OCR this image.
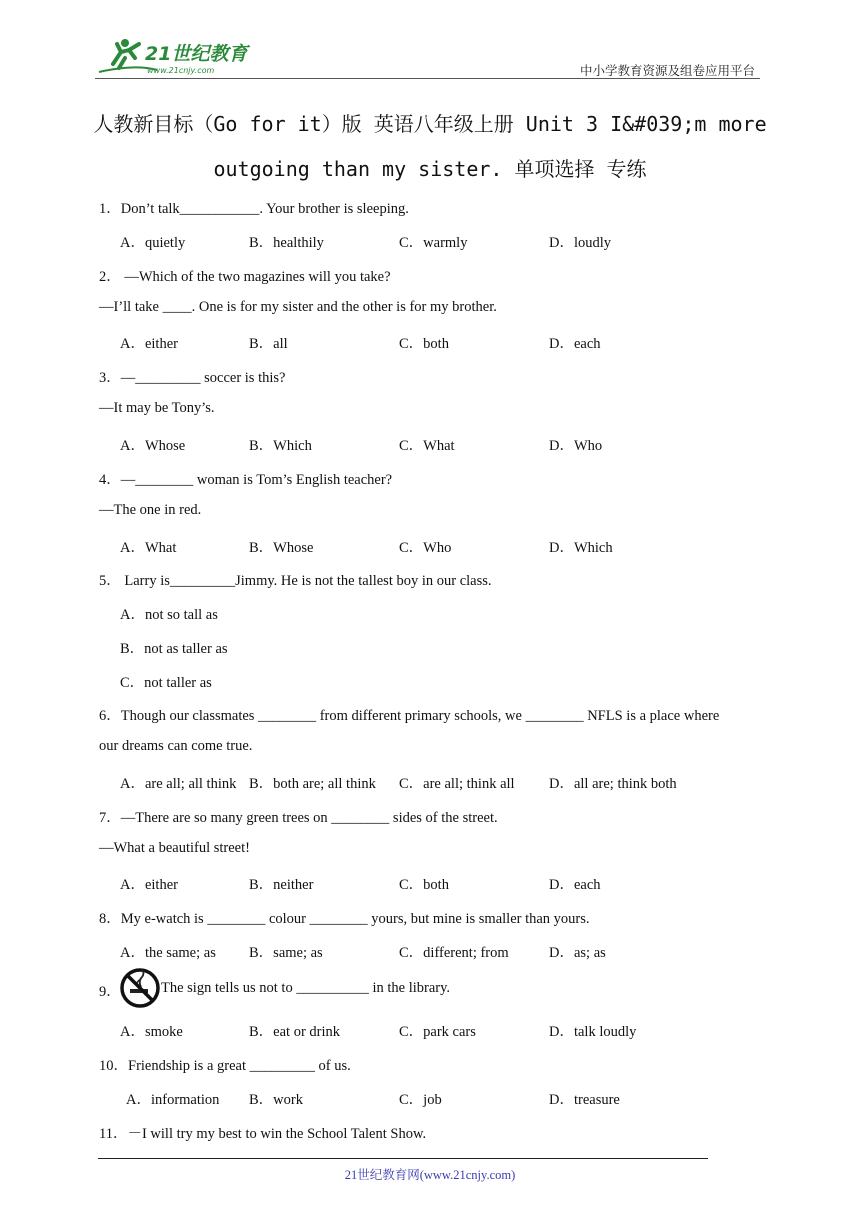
21世纪教育
www.21cnjy.com	中小学教育资源及组卷应用平台
人教新目标（Go for it）版 英语八年级上册 Unit 3 I&#039;m more
outgoing than my sister. 单项选择 专练
1．Don’t talk___________. Your brother is sleeping.
A．quietly	B．healthily	C．warmly	D．loudly
2． —Which of the two magazines will you take?
—I’ll take ____. One is for my sister and the other is for my brother.
A．either	B．all	C．both	D．each
3．—_________ soccer is this?
—It may be Tony’s.
A．Whose	B．Which	C．What	D．Who
4．—________ woman is Tom’s English teacher?
—The one in red.
A．What	B．Whose	C．Who	D．Which
5． Larry is_________Jimmy. He is not the tallest boy in our class.
A．not so tall as
B．not as taller as
C．not taller as
6．Though our classmates ________ from different primary schools, we ________ NFLS is a place where
our dreams can come true.
A．are all; all think B．both are; all think C．are all; think all D．all are; think both
7．—There are so many green trees on ________ sides of the street.
—What a beautiful street!
A．either	B．neither	C．both	D．each
8．My e-watch is ________ colour ________ yours, but mine is smaller than yours.
A．the same; as B．same; as	C．different; from	D．as; as
9．	The sign tells us not to __________ in the library.
A．smoke	B．eat or drink	C．park cars	D．talk loudly
10．Friendship is a great _________ of us.
A．information B．work	C．job	D．treasure
11．－I will try my best to win the School Talent Show.
21世纪教育网(www.21cnjy.com)
